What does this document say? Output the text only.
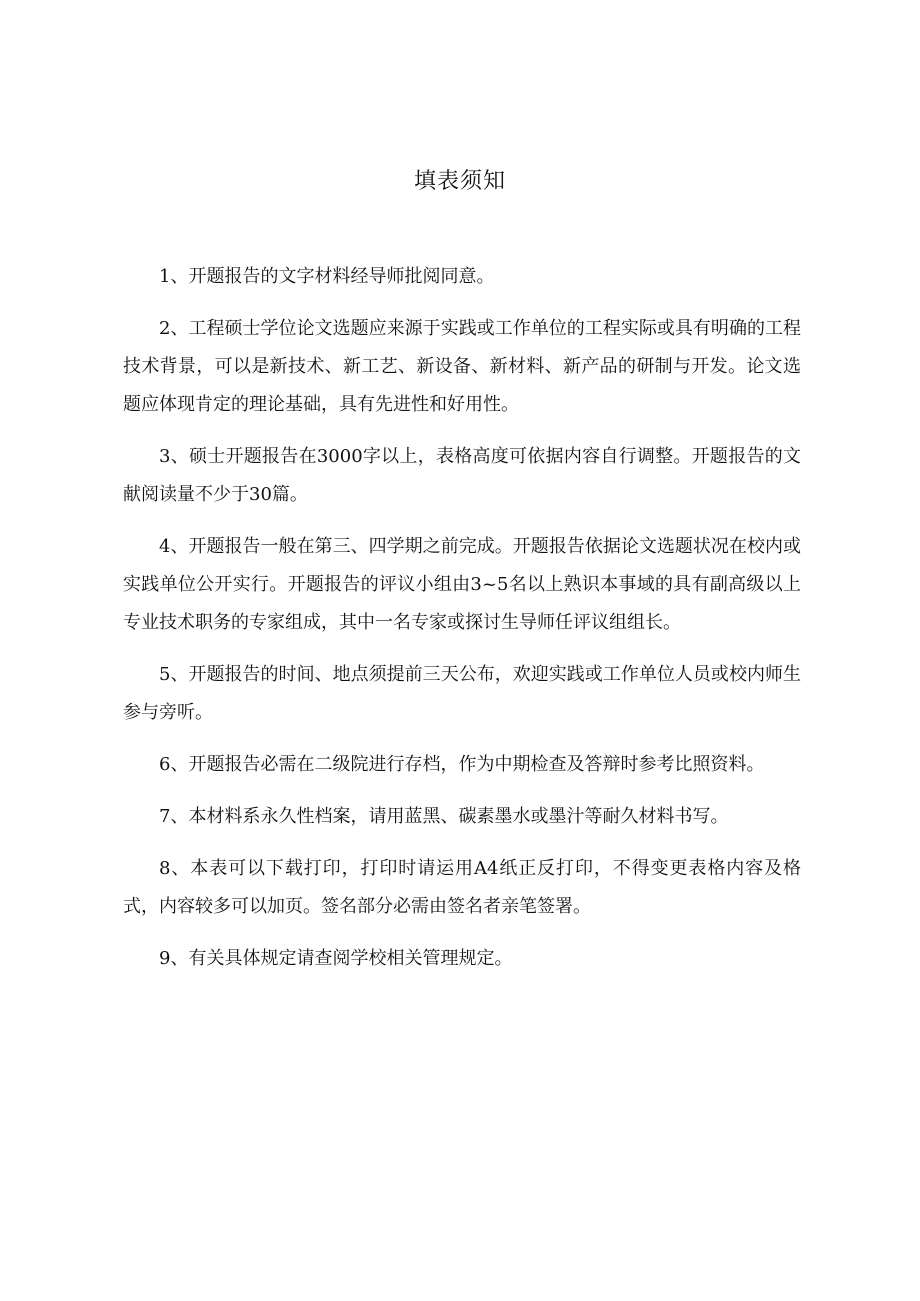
填表须知

1、开题报告的文字材料经导师批阅同意。

2、工程硕士学位论文选题应来源于实践或工作单位的工程实际或具有明确的工程技术背景，可以是新技术、新工艺、新设备、新材料、新产品的研制与开发。论文选题应体现肯定的理论基础，具有先进性和好用性。

3、硕士开题报告在3000字以上，表格高度可依据内容自行调整。开题报告的文献阅读量不少于30篇。

4、开题报告一般在第三、四学期之前完成。开题报告依据论文选题状况在校内或实践单位公开实行。开题报告的评议小组由3~5名以上熟识本事域的具有副高级以上专业技术职务的专家组成，其中一名专家或探讨生导师任评议组组长。

5、开题报告的时间、地点须提前三天公布，欢迎实践或工作单位人员或校内师生参与旁听。

6、开题报告必需在二级院进行存档，作为中期检查及答辩时参考比照资料。

7、本材料系永久性档案，请用蓝黑、碳素墨水或墨汁等耐久材料书写。

8、本表可以下载打印，打印时请运用A4纸正反打印，不得变更表格内容及格式，内容较多可以加页。签名部分必需由签名者亲笔签署。

9、有关具体规定请查阅学校相关管理规定。
